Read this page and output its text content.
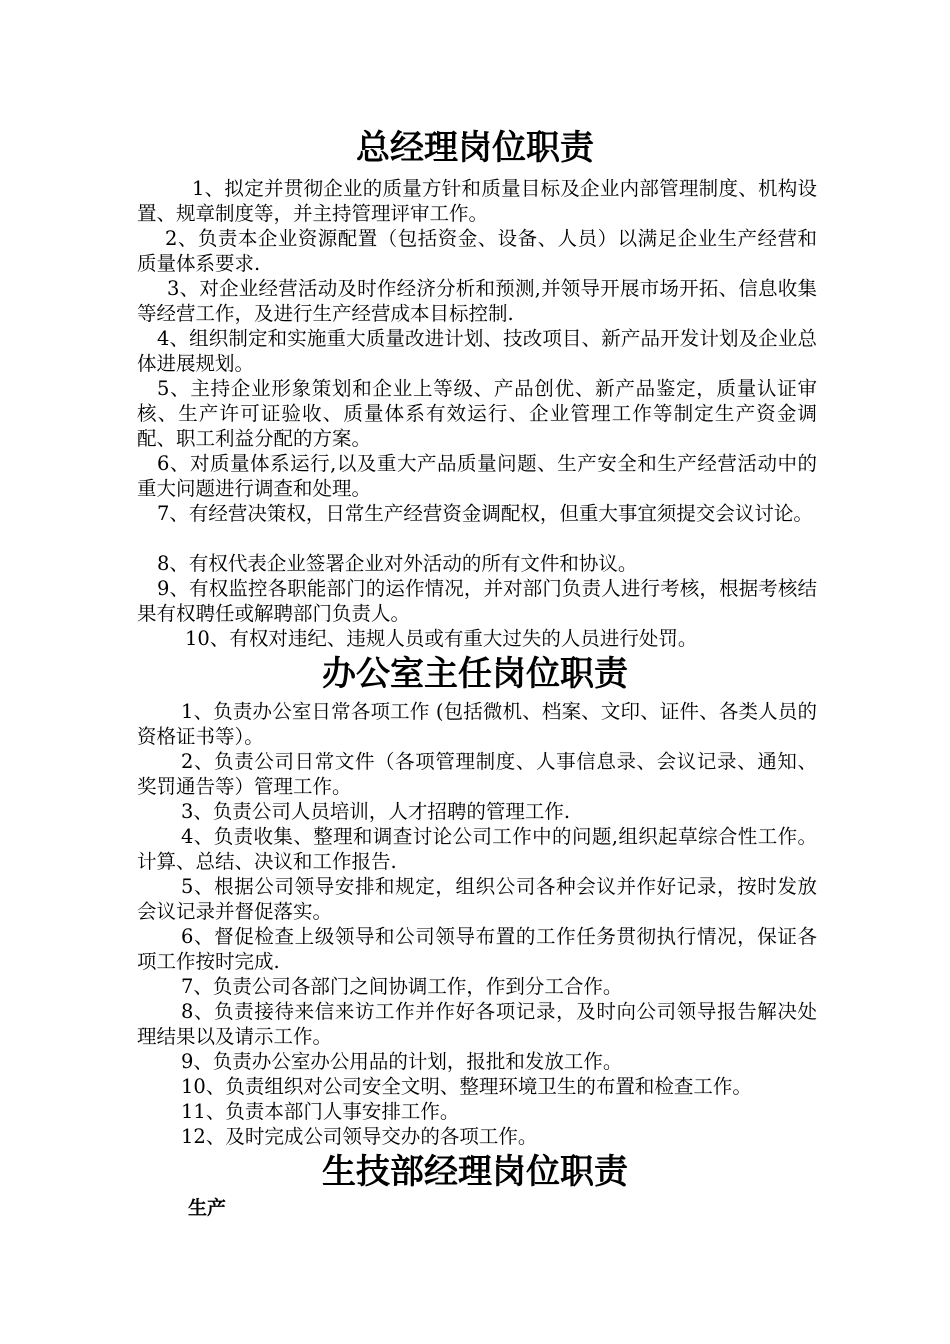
总经理岗位职责

1、拟定并贯彻企业的质量方针和质量目标及企业内部管理制度、机构设置、规章制度等，并主持管理评审工作。

2、负责本企业资源配置（包括资金、设备、人员）以满足企业生产经营和质量体系要求.

3、对企业经营活动及时作经济分析和预测,并领导开展市场开拓、信息收集等经营工作，及进行生产经营成本目标控制.

4、组织制定和实施重大质量改进计划、技改项目、新产品开发计划及企业总体进展规划。

5、主持企业形象策划和企业上等级、产品创优、新产品鉴定，质量认证审核、生产许可证验收、质量体系有效运行、企业管理工作等制定生产资金调配、职工利益分配的方案。

6、对质量体系运行,以及重大产品质量问题、生产安全和生产经营活动中的重大问题进行调查和处理。

7、有经营决策权，日常生产经营资金调配权，但重大事宜须提交会议讨论。

8、有权代表企业签署企业对外活动的所有文件和协议。

9、有权监控各职能部门的运作情况，并对部门负责人进行考核，根据考核结果有权聘任或解聘部门负责人。

10、有权对违纪、违规人员或有重大过失的人员进行处罚。

办公室主任岗位职责

1、负责办公室日常各项工作 (包括微机、档案、文印、证件、各类人员的资格证书等）。

2、负责公司日常文件（各项管理制度、人事信息录、会议记录、通知、奖罚通告等）管理工作。

3、负责公司人员培训，人才招聘的管理工作.

4、负责收集、整理和调查讨论公司工作中的问题,组织起草综合性工作。计算、总结、决议和工作报告.

5、根据公司领导安排和规定，组织公司各种会议并作好记录，按时发放会议记录并督促落实。

6、督促检查上级领导和公司领导布置的工作任务贯彻执行情况，保证各项工作按时完成.

7、负责公司各部门之间协调工作，作到分工合作。

8、负责接待来信来访工作并作好各项记录，及时向公司领导报告解决处理结果以及请示工作。

9、负责办公室办公用品的计划，报批和发放工作。

10、负责组织对公司安全文明、整理环境卫生的布置和检查工作。

11、负责本部门人事安排工作。

12、及时完成公司领导交办的各项工作。

生技部经理岗位职责

生产
